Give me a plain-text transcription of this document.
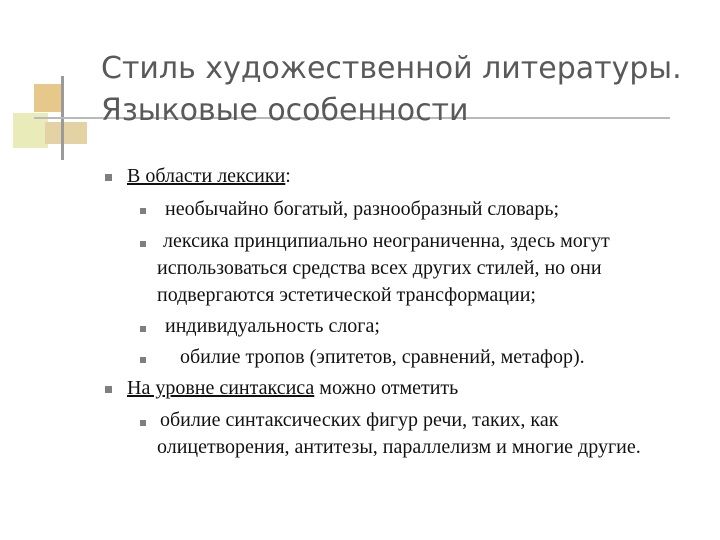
Стиль художественной литературы.
Языковые особенности
В области лексики:
необычайно богатый, разнообразный словарь;
лексика принципиально неограниченна, здесь могут
использоваться средства всех других стилей, но они
подвергаются эстетической трансформации;
индивидуальность слога;
обилие тропов (эпитетов, сравнений, метафор).
На уровне синтаксиса можно отметить
обилие синтаксических фигур речи, таких, как
олицетворения, антитезы, параллелизм и многие другие.
